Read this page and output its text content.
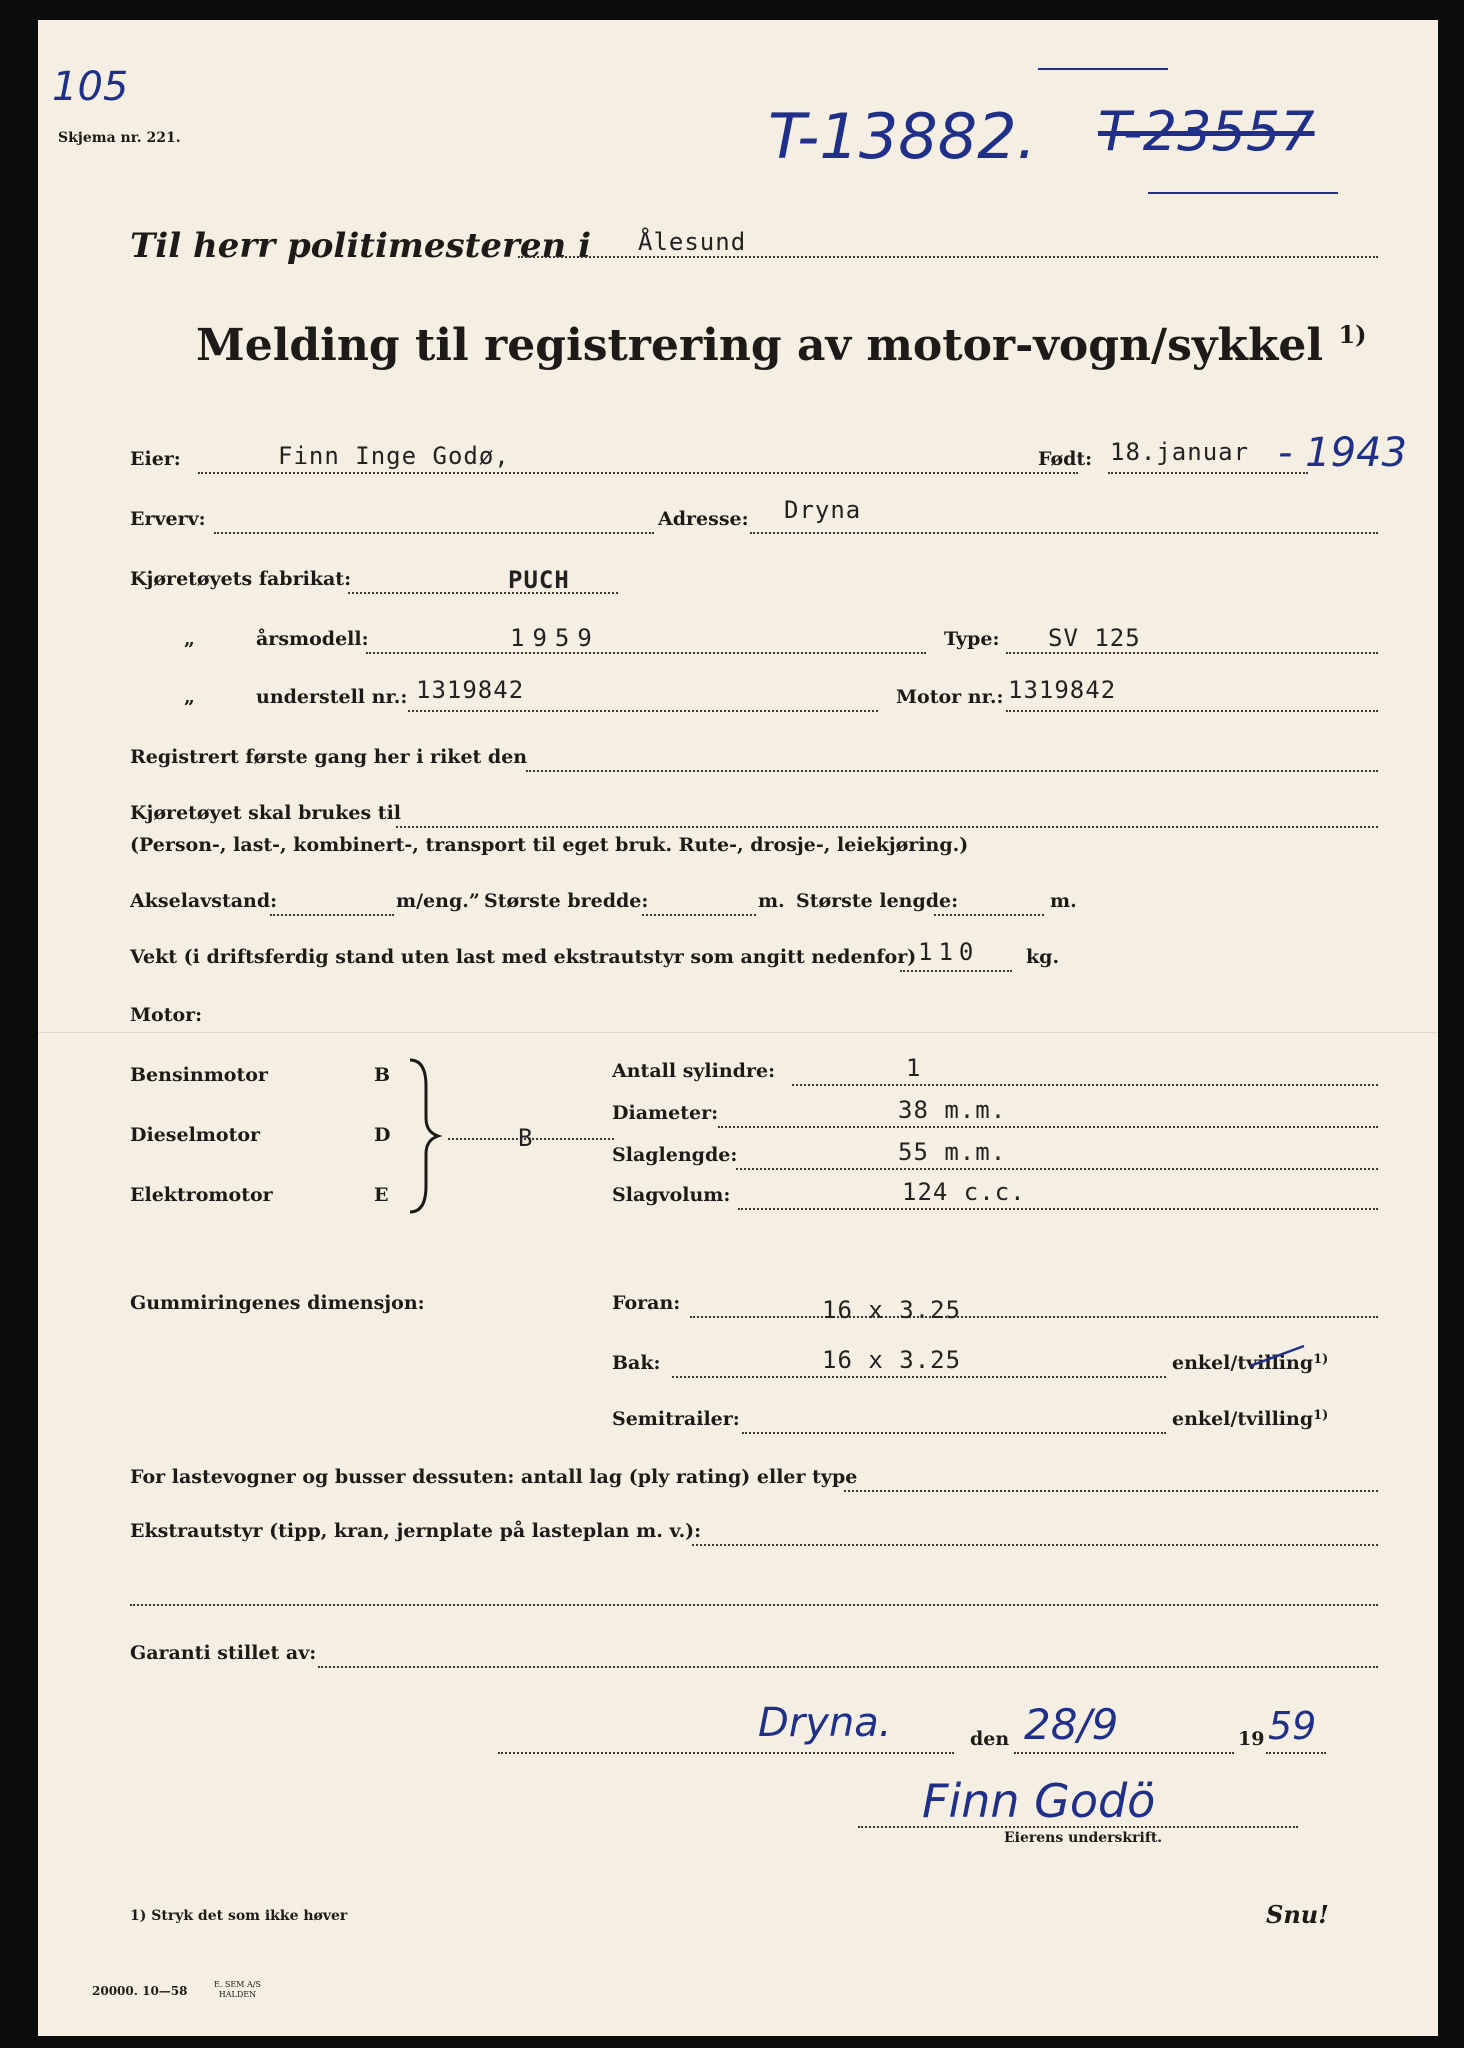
105
Skjema nr. 221.	T-13882. T-23557
Til herr politimesteren i Ålesund
Melding til registrering av motor-vogn/sykkel $^{1)}$
Eier:	Finn Inge Godø,	Født: 18.januar - 1943
Erverv:	Adresse: Dryna
Kjøretøyets fabrikat:	PUCH
„	årsmodell:	1959	Type: SV 125
„	understell nr.: 1319842	Motor nr.: 1319842
Registrert første gang her i riket den
Kjøretøyet skal brukes til
(Person-, last-, kombinert-, transport til eget bruk. Rute-, drosje-, leiekjøring.)
Akselavstand:	m/eng.” Største bredde:	m. Største lengde:	m.
Vekt (i driftsferdig stand uten last med ekstrautstyr som angitt nedenfor) 110 kg.
Motor:
Bensinmotor	B
Dieselmotor	D
Elektromotor	E
B
Antall sylindre:	1
Diameter:	38 m.m.
Slaglengde:	55 m.m.
Slagvolum:	124 c.c.
Gummiringenes dimensjon:	Foran:	16 x 3.25
Bak:	16 x 3.25	enkel/tvilling$^{1)}$
Semitrailer:	enkel/tvilling$^{1)}$
For lastevogner og busser dessuten: antall lag (ply rating) eller type
Ekstrautstyr (tipp, kran, jernplate på lasteplan m. v.):
Garanti stillet av:
Dryna.	den 28/9	19 59
Finn Godö
Eierens underskrift.
1) Stryk det som ikke høver	Snu!
20000. 10—58	E. SEM A/S
HALDEN
